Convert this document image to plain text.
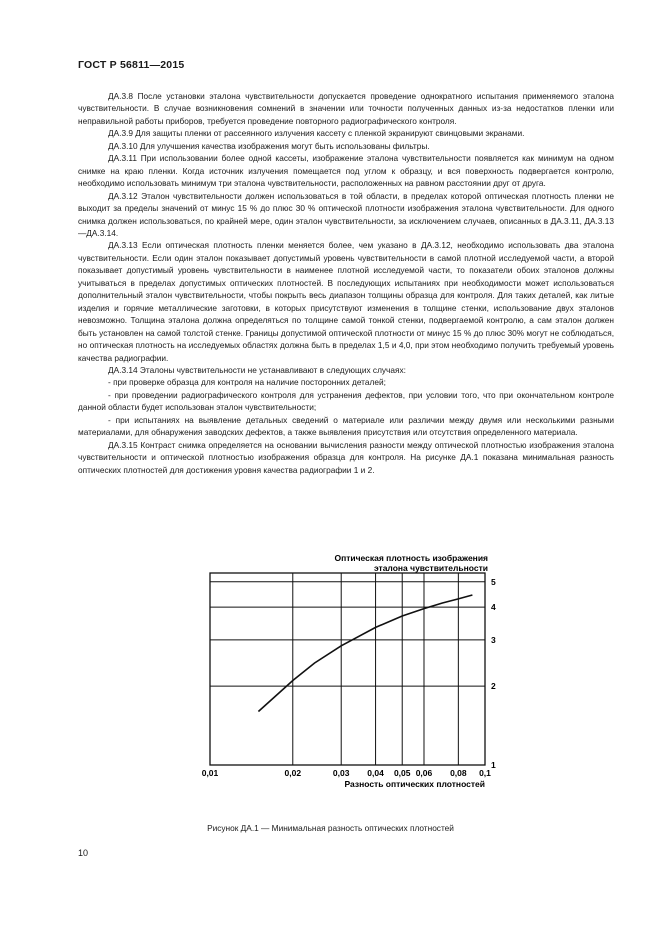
ГОСТ Р 56811—2015

ДА.3.8 После установки эталона чувствительности допускается проведение однократного испытания применяемого эталона чувствительности. В случае возникновения сомнений в значении или точности полученных данных из-за недостатков пленки или неправильной работы приборов, требуется проведение повторного радиографического контроля.

ДА.3.9 Для защиты пленки от рассеянного излучения кассету с пленкой экранируют свинцовыми экранами.

ДА.3.10 Для улучшения качества изображения могут быть использованы фильтры.

ДА.3.11 При использовании более одной кассеты, изображение эталона чувствительности появляется как минимум на одном снимке на краю пленки. Когда источник излучения помещается под углом к образцу, и вся поверхность подвергается контролю, необходимо использовать минимум три эталона чувствительности, расположенных на равном расстоянии друг от друга.

ДА.3.12 Эталон чувствительности должен использоваться в той области, в пределах которой оптическая плотность пленки не выходит за пределы значений от минус 15 % до плюс 30 % оптической плотности изображения эталона чувствительности. Для одного снимка должен использоваться, по крайней мере, один эталон чувствительности, за исключением случаев, описанных в ДА.3.11, ДА.3.13—ДА.3.14.

ДА.3.13 Если оптическая плотность пленки меняется более, чем указано в ДА.3.12, необходимо использовать два эталона чувствительности. Если один эталон показывает допустимый уровень чувствительности в самой плотной исследуемой части, а второй показывает допустимый уровень чувствительности в наименее плотной исследуемой части, то показатели обоих эталонов должны учитываться в пределах допустимых оптических плотностей. В последующих испытаниях при необходимости может использоваться дополнительный эталон чувствительности, чтобы покрыть весь диапазон толщины образца для контроля. Для таких деталей, как литые изделия и горячие металлические заготовки, в которых присутствуют изменения в толщине стенки, использование двух эталонов невозможно. Толщина эталона должна определяться по толщине самой тонкой стенки, подвергаемой контролю, а сам эталон должен быть установлен на самой толстой стенке. Границы допустимой оптической плотности от минус 15 % до плюс 30% могут не соблюдаться, но оптическая плотность на исследуемых областях должна быть в пределах 1,5 и 4,0, при этом необходимо получить требуемый уровень качества радиографии.

ДА.3.14 Эталоны чувствительности не устанавливают в следующих случаях:

- при проверке образца для контроля на наличие посторонних деталей;

- при проведении радиографического контроля для устранения дефектов, при условии того, что при окончательном контроле данной области будет использован эталон чувствительности;

- при испытаниях на выявление детальных сведений о материале или различии между двумя или несколькими разными материалами, для обнаружения заводских дефектов, а также выявления присутствия или отсутствия определенного материала.

ДА.3.15 Контраст снимка определяется на основании вычисления разности между оптической плотностью изображения эталона чувствительности и оптической плотностью изображения образца для контроля. На рисунке ДА.1 показана минимальная разность оптических плотностей для достижения уровня качества радиографии 1 и 2.

Оптическая плотность изображения
эталона чувствительности
0,01	0,02	0,03 0,04 0,05 0,06 0,08 0,1
1
2
3
4
5
Разность оптических плотностей
Рисунок ДА.1 — Минимальная разность оптических плотностей
10
